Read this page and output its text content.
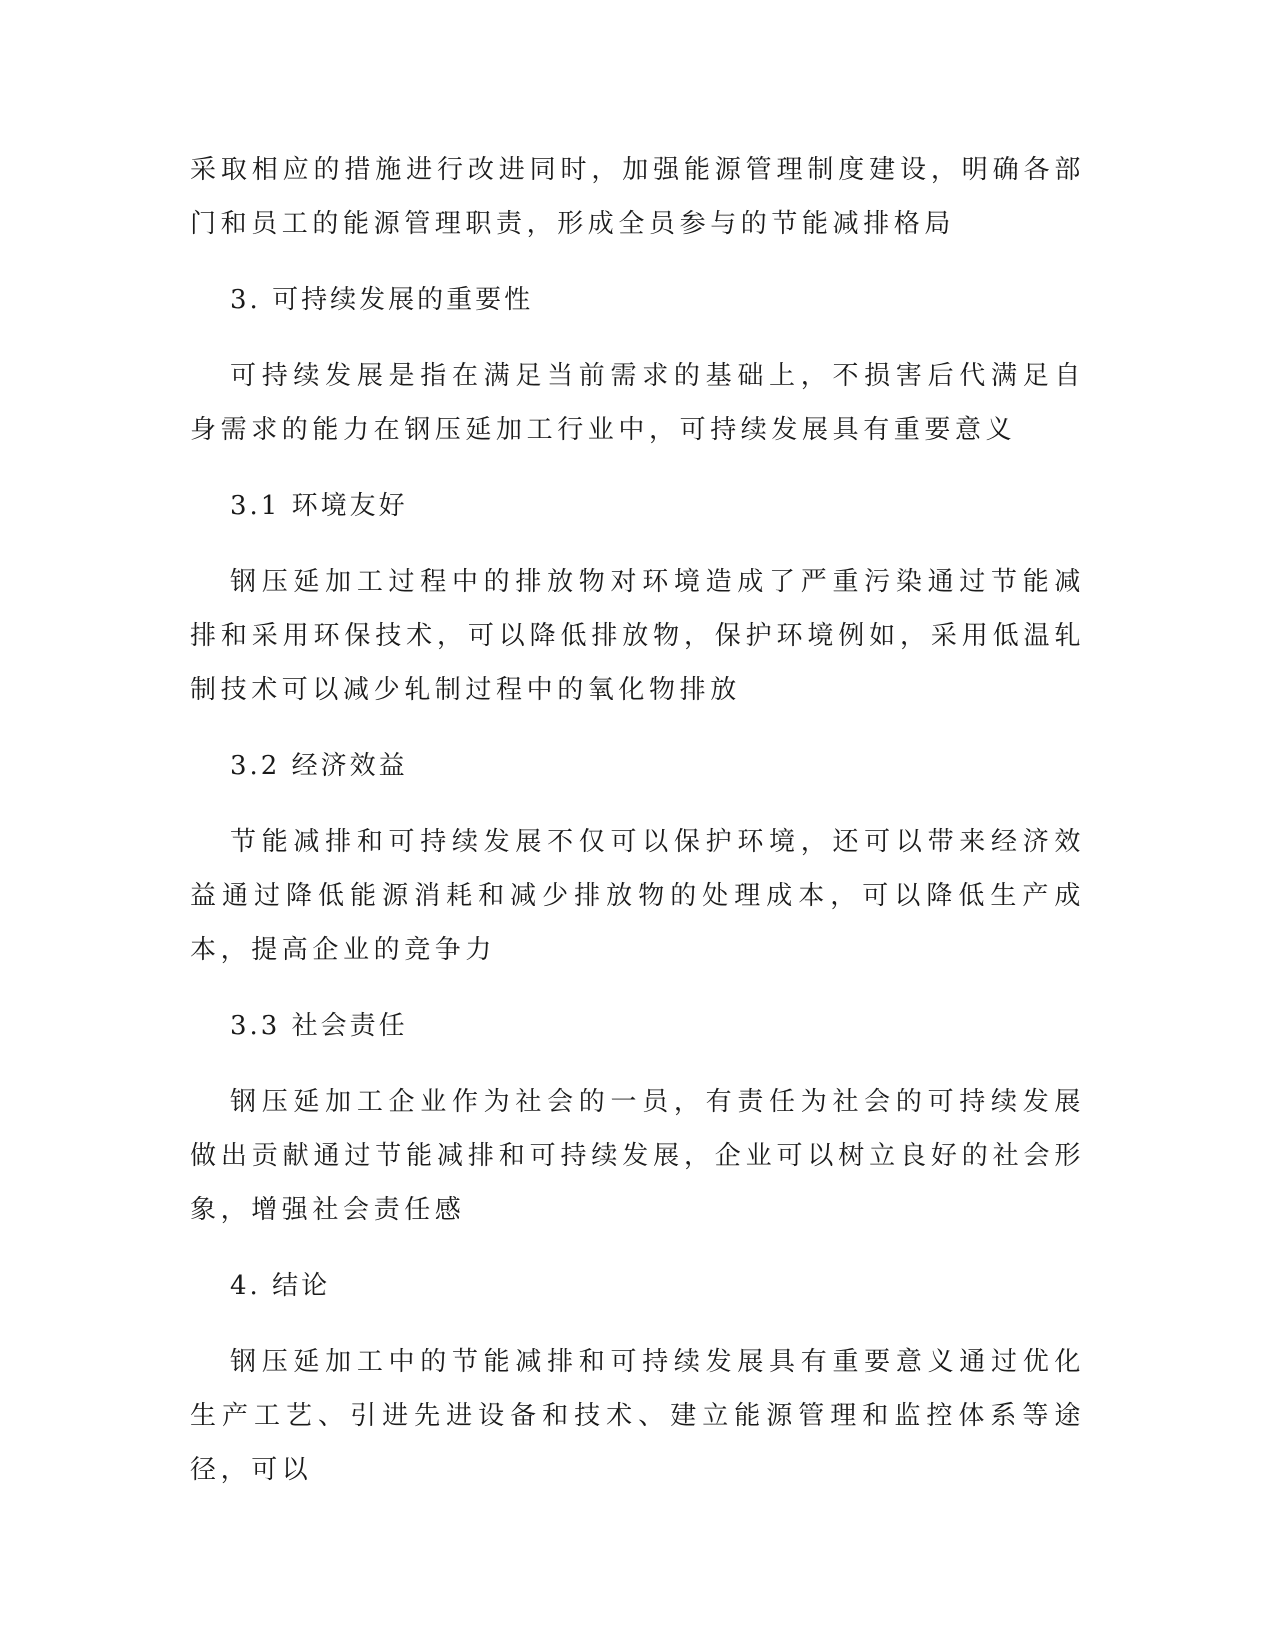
采取相应的措施进行改进同时，加强能源管理制度建设，明确各部门和员工的能源管理职责，形成全员参与的节能减排格局

3. 可持续发展的重要性

可持续发展是指在满足当前需求的基础上，不损害后代满足自身需求的能力在钢压延加工行业中，可持续发展具有重要意义

3.1 环境友好

钢压延加工过程中的排放物对环境造成了严重污染通过节能减排和采用环保技术，可以降低排放物，保护环境例如，采用低温轧制技术可以减少轧制过程中的氧化物排放

3.2 经济效益

节能减排和可持续发展不仅可以保护环境，还可以带来经济效益通过降低能源消耗和减少排放物的处理成本，可以降低生产成本，提高企业的竞争力

3.3 社会责任

钢压延加工企业作为社会的一员，有责任为社会的可持续发展做出贡献通过节能减排和可持续发展，企业可以树立良好的社会形象，增强社会责任感

4. 结论

钢压延加工中的节能减排和可持续发展具有重要意义通过优化生产工艺、引进先进设备和技术、建立能源管理和监控体系等途径，可以
